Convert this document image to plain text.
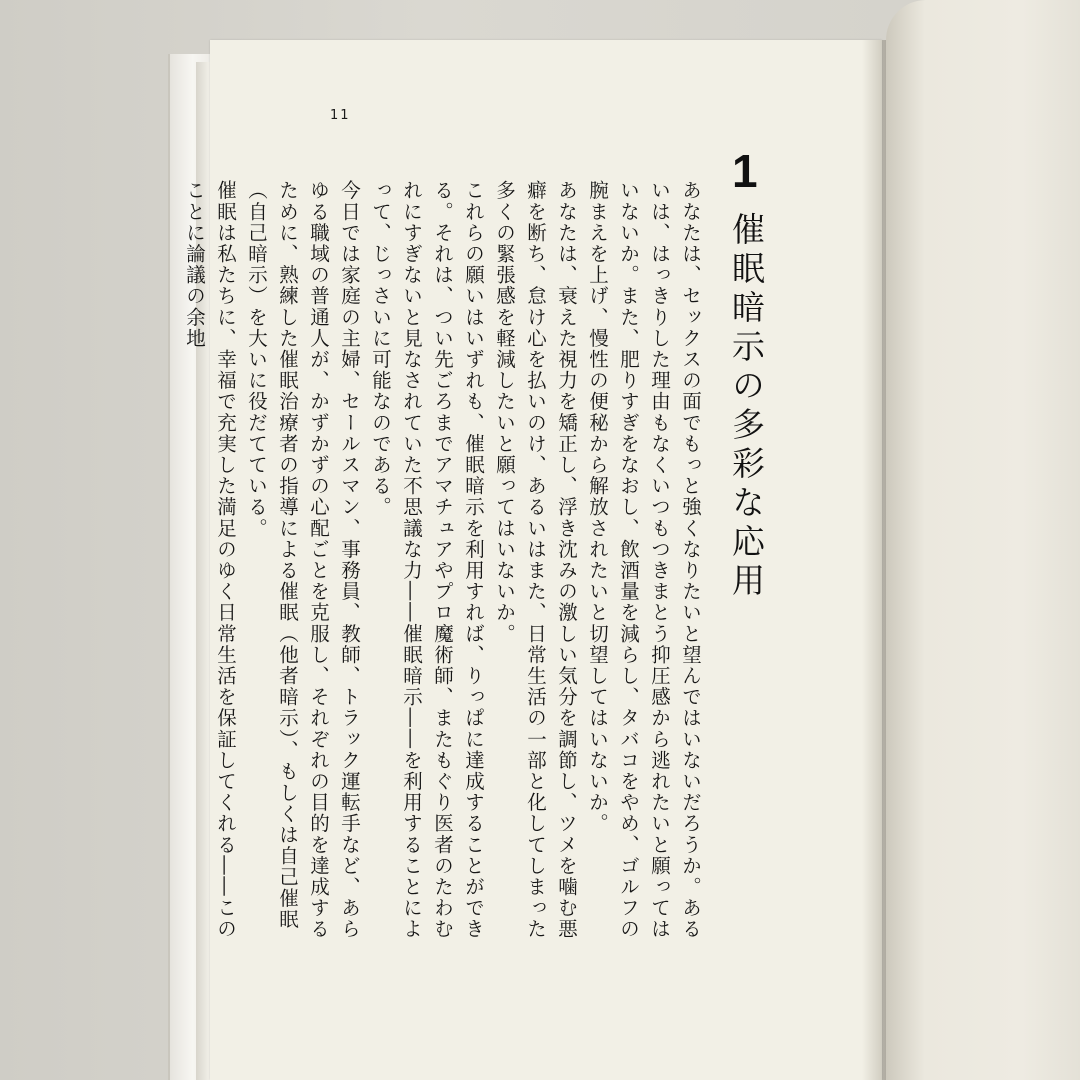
11
1
催眠暗示の多彩な応用

あなたは、セックスの面でもっと強くなりたいと望んではいないだろうか。あるいは、はっきりした理由もなくいつもつきまとう抑圧感から逃れたいと願ってはいないか。また、肥りすぎをなおし、飲酒量を減らし、タバコをやめ、ゴルフの腕まえを上げ、慢性の便秘から解放されたいと切望してはいないか。

あなたは、衰えた視力を矯正し、浮き沈みの激しい気分を調節し、ツメを噛む悪癖を断ち、怠け心を払いのけ、あるいはまた、日常生活の一部と化してしまった多くの緊張感を軽減したいと願ってはいないか。

これらの願いはいずれも、催眠暗示を利用すれば、りっぱに達成することができる。それは、つい先ごろまでアマチュアやプロ魔術師、またもぐり医者のたわむれにすぎないと見なされていた不思議な力――催眠暗示――を利用することによって、じっさいに可能なのである。

今日では家庭の主婦、セールスマン、事務員、教師、トラック運転手など、あらゆる職域の普通人が、かずかずの心配ごとを克服し、それぞれの目的を達成するために、熟練した催眠治療者の指導による催眠（他者暗示）、もしくは自己催眠（自己暗示）を大いに役だてている。

催眠は私たちに、幸福で充実した満足のゆく日常生活を保証してくれる――このことに論議の余地
